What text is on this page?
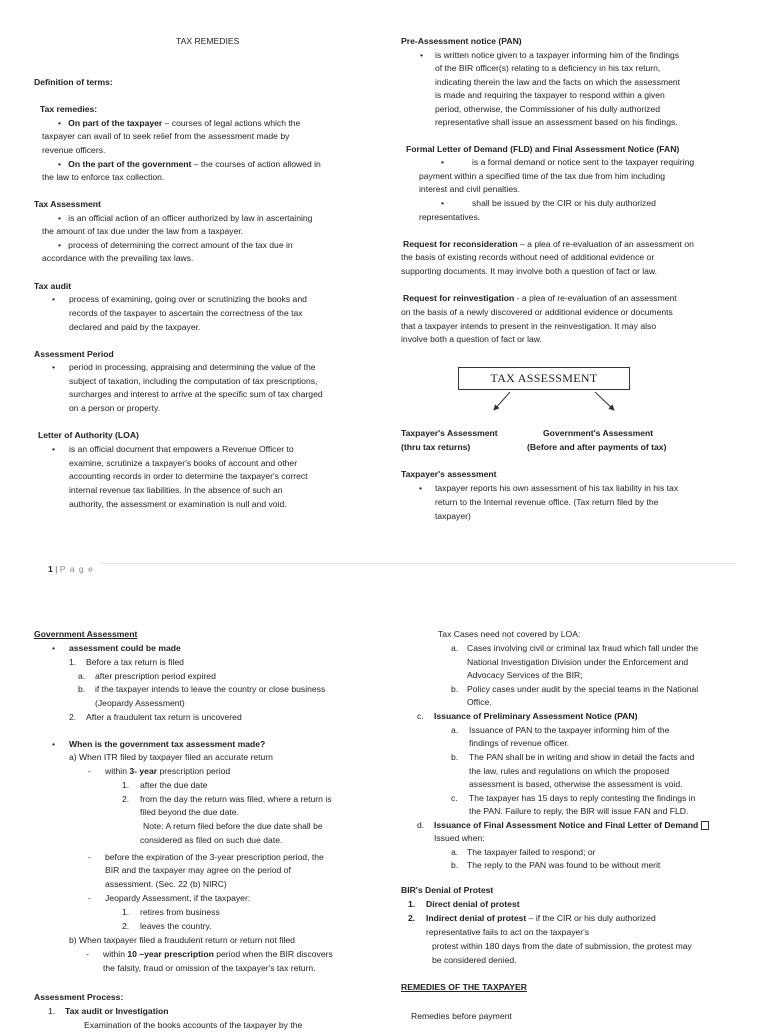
TAX REMEDIES

Definition of terms:

Tax remedies:

•   On part of the taxpayer – courses of legal actions which the

taxpayer can avail of to seek relief from the assessment made by

revenue officers.

•   On the part of the government – the courses of action allowed in

the law to enforce tax collection.

Tax Assessment

•   is an official action of an officer authorized by law in ascertaining

the amount of tax due under the law from a taxpayer.

•   process of determining the correct amount of the tax due in

accordance with the prevailing tax laws.

Tax audit

• process of examining, going over or scrutinizing the books and

records of the taxpayer to ascertain the correctness of the tax

declared and paid by the taxpayer.

Assessment Period

• period in processing, appraising and determining the value of the

subject of taxation, including the computation of tax prescriptions,

surcharges and interest to arrive at the specific sum of tax charged

on a person or property.

Letter of Authority (LOA)

• is an official document that empowers a Revenue Officer to

examine, scrutinize a taxpayer's books of account and other

accounting records in order to determine the taxpayer's correct

internal revenue tax liabilities. In the absence of such an

authority, the assessment or examination is null and void.

Pre-Assessment notice (PAN)

• is written notice given to a taxpayer informing him of the findings

of the BIR officer(s) relating to a deficiency in his tax return,

indicating therein the law and the facts on which the assessment

is made and requiring the taxpayer to respond within a given

period, otherwise, the Commissioner of his dully authorized

representative shall issue an assessment based on his findings.

Formal Letter of Demand (FLD) and Final Assessment Notice (FAN)

•	is a formal demand or notice sent to the taxpayer requiring

payment within a specified time of the tax due from him including

interest and civil penalties.

•	shall be issued by the CIR or his duly authorized

representatives.

Request for reconsideration – a plea of re-evaluation of an assessment on

the basis of existing records without need of additional evidence or

supporting documents. It may involve both a question of fact or law.

Request for reinvestigation - a plea of re-evaluation of an assessment

on the basis of a newly discovered or additional evidence or documents

that a taxpayer intends to present in the reinvestigation. It may also

involve both a question of fact or law.

TAX ASSESSMENT

Taxpayer's Assessment

(thru tax returns)

Government's Assessment

(Before and after payments of tax)

Taxpayer's assessment

• taxpayer reports his own assessment of his tax liability in his tax

return to the Internal revenue office. (Tax return filed by the

taxpayer)

1 | P a g e

Government Assessment

• assessment could be made

1. Before a tax return is filed

a. after prescription period expired

b. if the taxpayer intends to leave the country or close business

(Jeopardy Assessment)

2. After a fraudulent tax return is uncovered

• When is the government tax assessment made?

a) When ITR filed by taxpayer filed an accurate return

- within 3- year prescription period

1. after the due date

2. from the day the return was filed, where a return is

filed beyond the due date.

Note: A return filed before the due date shall be

considered as filed on such due date.

- before the expiration of the 3-year prescription period, the

BIR and the taxpayer may agree on the period of

assessment. (Sec. 22 (b) NIRC)

- Jeopardy Assessment, if the taxpayer:

1. retires from business

2. leaves the country.

b) When taxpayer filed a fraudulent return or return not filed

- within 10 –year prescription period when the BIR discovers

the falsity, fraud or omission of the taxpayer's tax return.

Assessment Process:

1. Tax audit or Investigation

Examination of the books accounts of the taxpayer by the

Tax Cases need not covered by LOA:

a. Cases involving civil or criminal tax fraud which fall under the

National Investigation Division under the Enforcement and

Advocacy Services of the BIR;

b. Policy cases under audit by the special teams in the National

Office.

c. Issuance of Preliminary Assessment Notice (PAN)

a. Issuance of PAN to the taxpayer informing him of the

findings of revenue officer.

b. The PAN shall be in writing and show in detail the facts and

the law, rules and regulations on which the proposed

assessment is based, otherwise the assessment is void.

c. The taxpayer has 15 days to reply contesting the findings in

the PAN. Failure to reply, the BIR will issue FAN and FLD.

d. Issuance of Final Assessment Notice and Final Letter of Demand

Issued when:

a. The taxpayer failed to respond; or

b. The reply to the PAN was found to be without merit

BIR's Denial of Protest

1. Direct denial of protest

2. Indirect denial of protest – if the CIR or his duly authorized

representative fails to act on the taxpayer's

protest within 180 days from the date of submission, the protest may

be considered denied.

REMEDIES OF THE TAXPAYER

Remedies before payment
